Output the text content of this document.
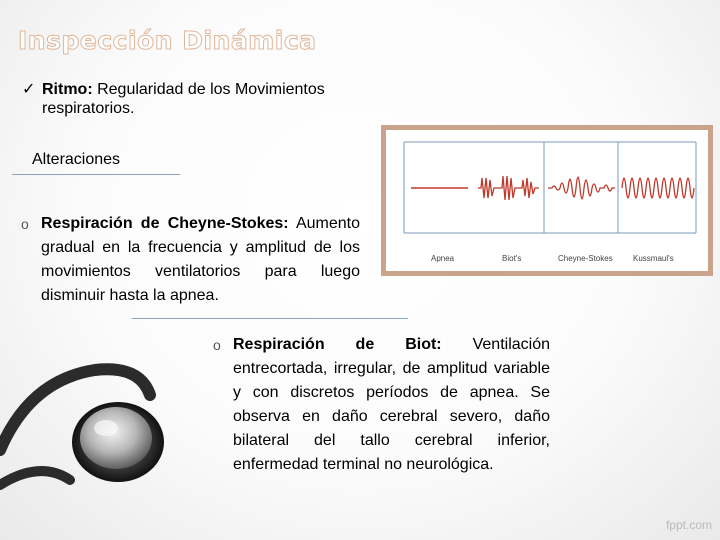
Inspección Dinámica
✓ Ritmo: Regularidad de los Movimientos respiratorios.
Alteraciones
o Respiración de Cheyne-Stokes: Aumento gradual en la frecuencia y amplitud de los movimientos ventilatorios para luego disminuir hasta la apnea.
Apnea	Biot's	Cheyne-Stokes	Kussmaul's
o Respiración de Biot: Ventilación entrecortada, irregular, de amplitud variable y con discretos períodos de apnea. Se observa en daño cerebral severo, daño bilateral del tallo cerebral inferior, enfermedad terminal no neurológica.
fppt.com
